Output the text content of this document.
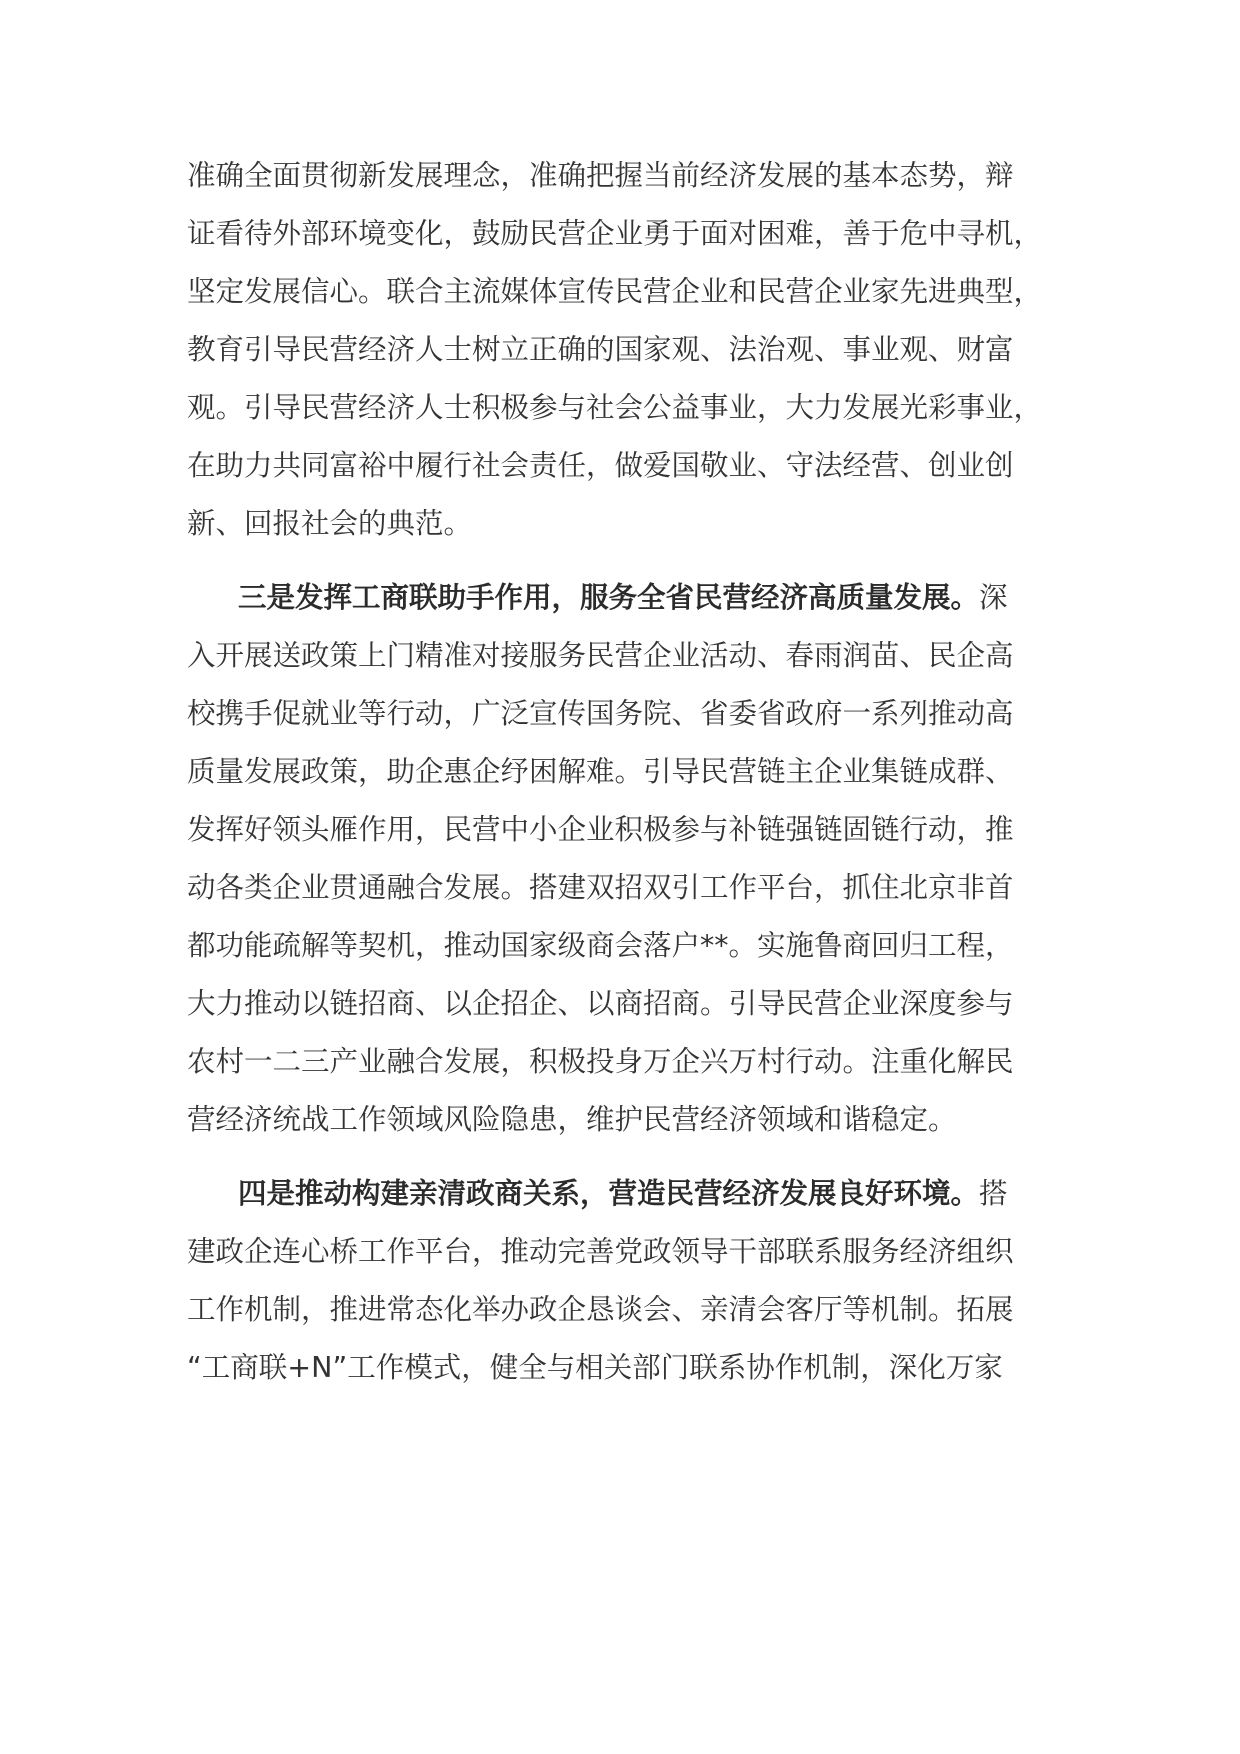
准确全面贯彻新发展理念，准确把握当前经济发展的基本态势，辩
证看待外部环境变化，鼓励民营企业勇于面对困难，善于危中寻机，
坚定发展信心。联合主流媒体宣传民营企业和民营企业家先进典型，
教育引导民营经济人士树立正确的国家观、法治观、事业观、财富
观。引导民营经济人士积极参与社会公益事业，大力发展光彩事业，
在助力共同富裕中履行社会责任，做爱国敬业、守法经营、创业创
新、回报社会的典范。
三是发挥工商联助手作用，服务全省民营经济高质量发展。深
入开展送政策上门精准对接服务民营企业活动、春雨润苗、民企高
校携手促就业等行动，广泛宣传国务院、省委省政府一系列推动高
质量发展政策，助企惠企纾困解难。引导民营链主企业集链成群、
发挥好领头雁作用，民营中小企业积极参与补链强链固链行动，推
动各类企业贯通融合发展。搭建双招双引工作平台，抓住北京非首
都功能疏解等契机，推动国家级商会落户**。实施鲁商回归工程，
大力推动以链招商、以企招企、以商招商。引导民营企业深度参与
农村一二三产业融合发展，积极投身万企兴万村行动。注重化解民
营经济统战工作领域风险隐患，维护民营经济领域和谐稳定。
四是推动构建亲清政商关系，营造民营经济发展良好环境。搭
建政企连心桥工作平台，推动完善党政领导干部联系服务经济组织
工作机制，推进常态化举办政企恳谈会、亲清会客厅等机制。拓展
“工商联+N”工作模式，健全与相关部门联系协作机制，深化万家
